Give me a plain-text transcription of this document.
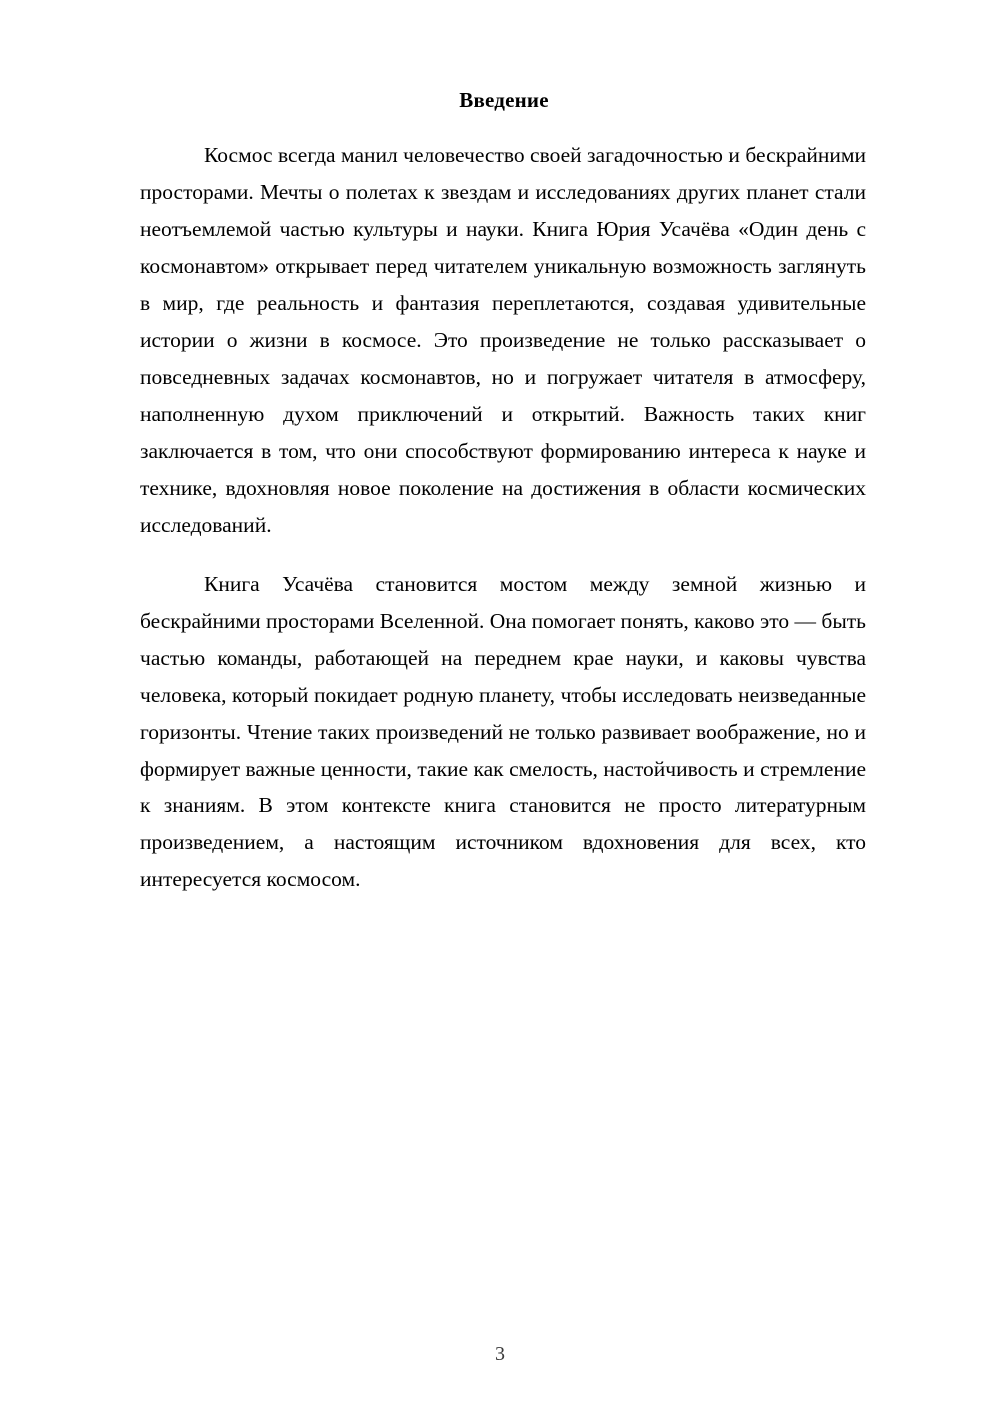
Введение

Космос всегда манил человечество своей загадочностью и бескрайними просторами. Мечты о полетах к звездам и исследованиях других планет стали неотъемлемой частью культуры и науки. Книга Юрия Усачёва «Один день с космонавтом» открывает перед читателем уникальную возможность заглянуть в мир, где реальность и фантазия переплетаются, создавая удивительные истории о жизни в космосе. Это произведение не только рассказывает о повседневных задачах космонавтов, но и погружает читателя в атмосферу, наполненную духом приключений и открытий. Важность таких книг заключается в том, что они способствуют формированию интереса к науке и технике, вдохновляя новое поколение на достижения в области космических исследований.

Книга Усачёва становится мостом между земной жизнью и бескрайними просторами Вселенной. Она помогает понять, каково это — быть частью команды, работающей на переднем крае науки, и каковы чувства человека, который покидает родную планету, чтобы исследовать неизведанные горизонты. Чтение таких произведений не только развивает воображение, но и формирует важные ценности, такие как смелость, настойчивость и стремление к знаниям. В этом контексте книга становится не просто литературным произведением, а настоящим источником вдохновения для всех, кто интересуется космосом.

3
